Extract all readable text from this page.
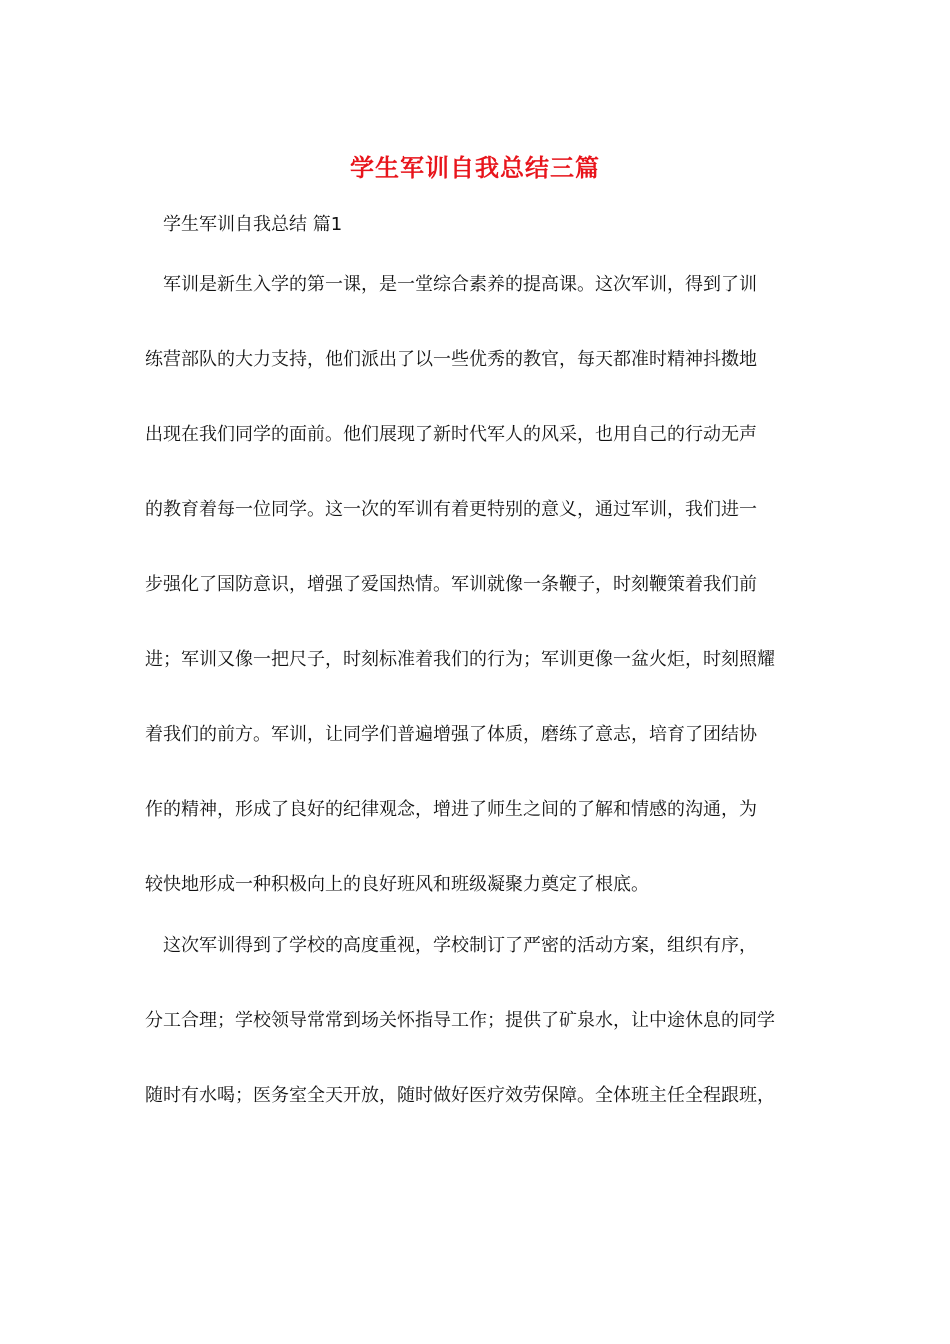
学生军训自我总结三篇

学生军训自我总结 篇1

军训是新生入学的第一课，是一堂综合素养的提高课。这次军训，得到了训

练营部队的大力支持，他们派出了以一些优秀的教官，每天都准时精神抖擞地

出现在我们同学的面前。他们展现了新时代军人的风采，也用自己的行动无声

的教育着每一位同学。这一次的军训有着更特别的意义，通过军训，我们进一

步强化了国防意识，增强了爱国热情。军训就像一条鞭子，时刻鞭策着我们前

进；军训又像一把尺子，时刻标准着我们的行为；军训更像一盆火炬，时刻照耀

着我们的前方。军训，让同学们普遍增强了体质，磨练了意志，培育了团结协

作的精神，形成了良好的纪律观念，增进了师生之间的了解和情感的沟通，为

较快地形成一种积极向上的良好班风和班级凝聚力奠定了根底。

这次军训得到了学校的高度重视，学校制订了严密的活动方案，组织有序，

分工合理；学校领导常常到场关怀指导工作；提供了矿泉水，让中途休息的同学

随时有水喝；医务室全天开放，随时做好医疗效劳保障。全体班主任全程跟班，
